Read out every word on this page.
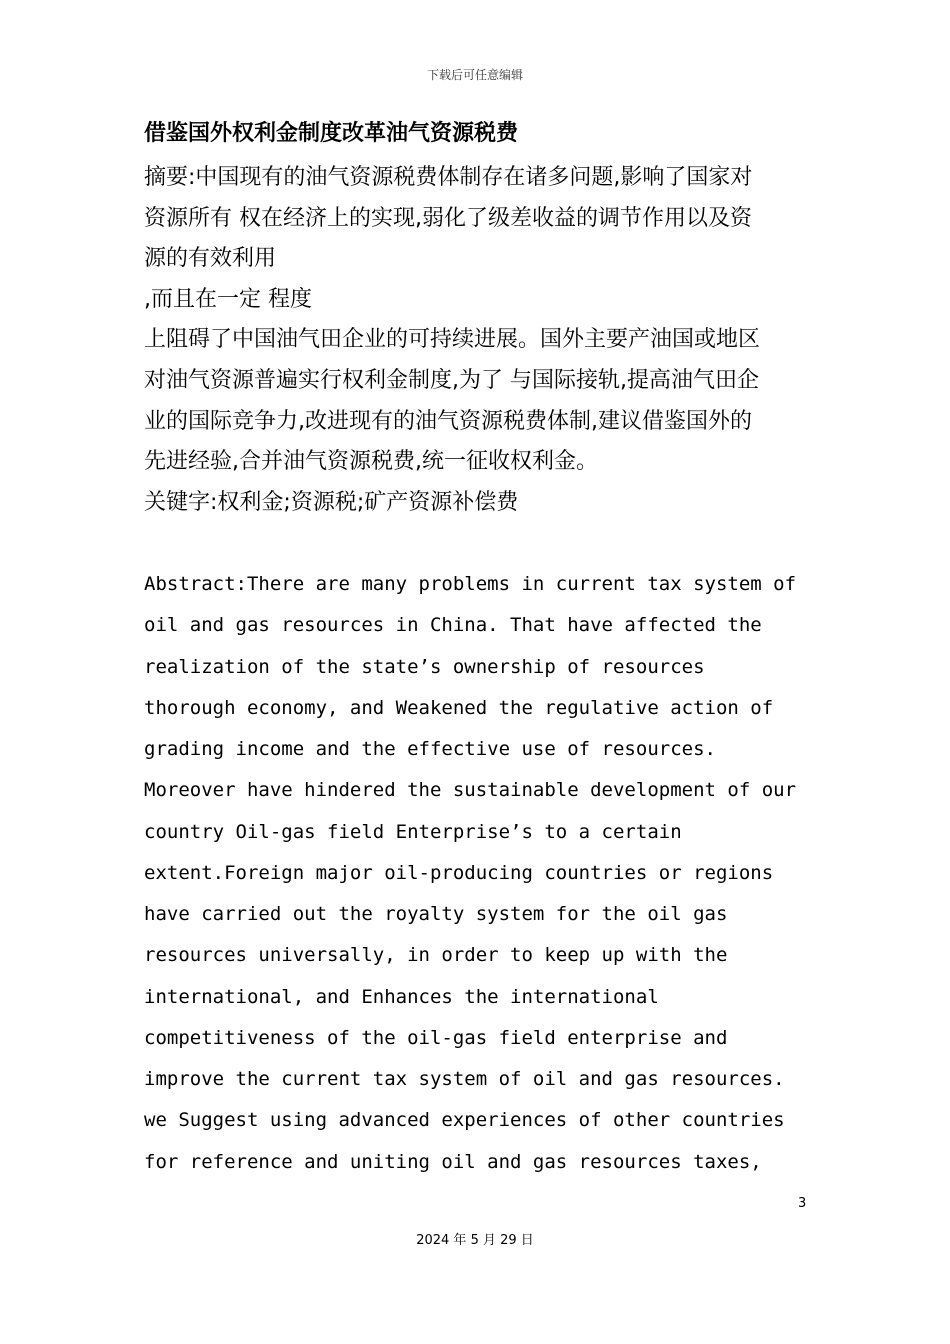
下载后可任意编辑
借鉴国外权利金制度改革油气资源税费
摘要:中国现有的油气资源税费体制存在诸多问题,影响了国家对
资源所有 权在经济上的实现,弱化了级差收益的调节作用以及资
源的有效利用
,而且在一定 程度
上阻碍了中国油气田企业的可持续进展。国外主要产油国或地区
对油气资源普遍实行权利金制度,为了 与国际接轨,提高油气田企
业的国际竞争力,改进现有的油气资源税费体制,建议借鉴国外的
先进经验,合并油气资源税费,统一征收权利金。
关键字:权利金;资源税;矿产资源补偿费
Abstract:There are many problems in current tax system of
oil and gas resources in China. That have affected the
realization of the state’s ownership of resources
thorough economy, and Weakened the regulative action of
grading income and the effective use of resources.
Moreover have hindered the sustainable development of our
country Oil-gas field Enterprise’s to a certain
extent.Foreign major oil-producing countries or regions
have carried out the royalty system for the oil gas
resources universally, in order to keep up with the
international, and Enhances the international
competitiveness of the oil-gas field enterprise and
improve the current tax system of oil and gas resources.
we Suggest using advanced experiences of other countries
for reference and uniting oil and gas resources taxes,
3
2024 年 5 月 29 日
